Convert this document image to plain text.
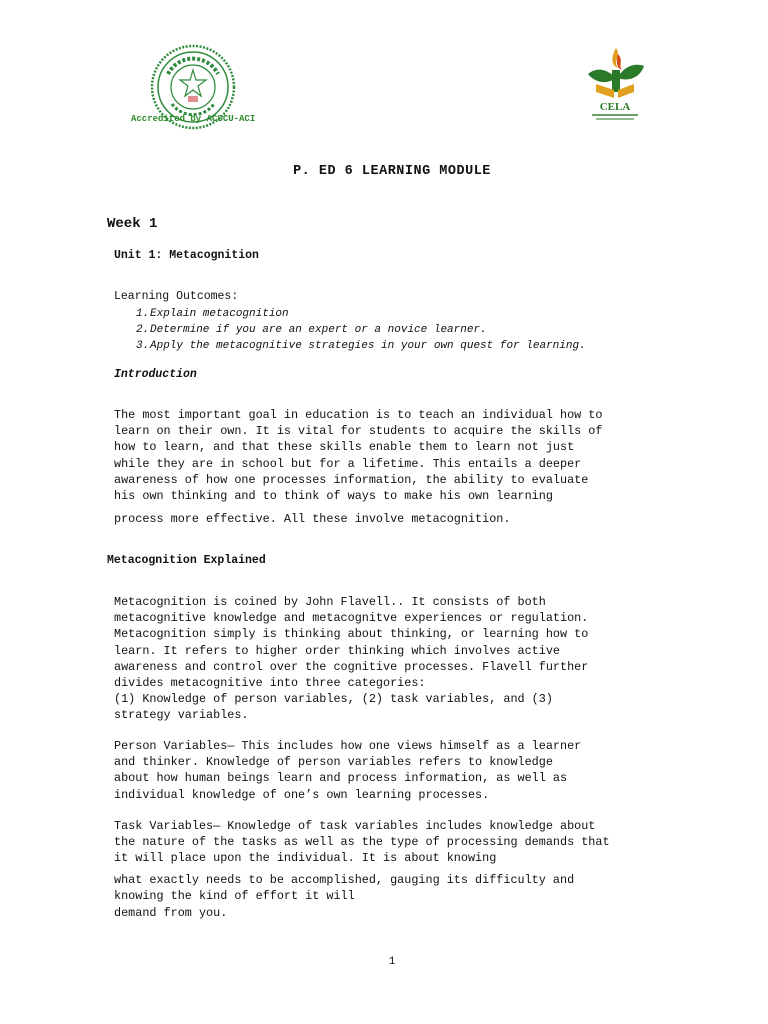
Accredited by ACSCU-ACI
CELA
P. ED 6 LEARNING MODULE
Week 1
Unit 1: Metacognition
Learning Outcomes:
1.Explain metacognition
2.Determine if you are an expert or a novice learner.
3.Apply the metacognitive strategies in your own quest for learning.
Introduction
The most important goal in education is to teach an individual how to
learn on their own. It is vital for students to acquire the skills of
how to learn, and that these skills enable them to learn not just
while they are in school but for a lifetime. This entails a deeper
awareness of how one processes information, the ability to evaluate
his own thinking and to think of ways to make his own learning
process more effective. All these involve metacognition.
Metacognition Explained
Metacognition is coined by John Flavell.. It consists of both
metacognitive knowledge and metacognitve experiences or regulation.
Metacognition simply is thinking about thinking, or learning how to
learn. It refers to higher order thinking which involves active
awareness and control over the cognitive processes. Flavell further
divides metacognitive into three categories:
(1) Knowledge of person variables, (2) task variables, and (3)
strategy variables.
Person Variables— This includes how one views himself as a learner
and thinker. Knowledge of person variables refers to knowledge
about how human beings learn and process information, as well as
individual knowledge of one’s own learning processes.
Task Variables— Knowledge of task variables includes knowledge about
the nature of the tasks as well as the type of processing demands that
it will place upon the individual. It is about knowing
what exactly needs to be accomplished, gauging its difficulty and
knowing the kind of effort it will
demand from you.
1
